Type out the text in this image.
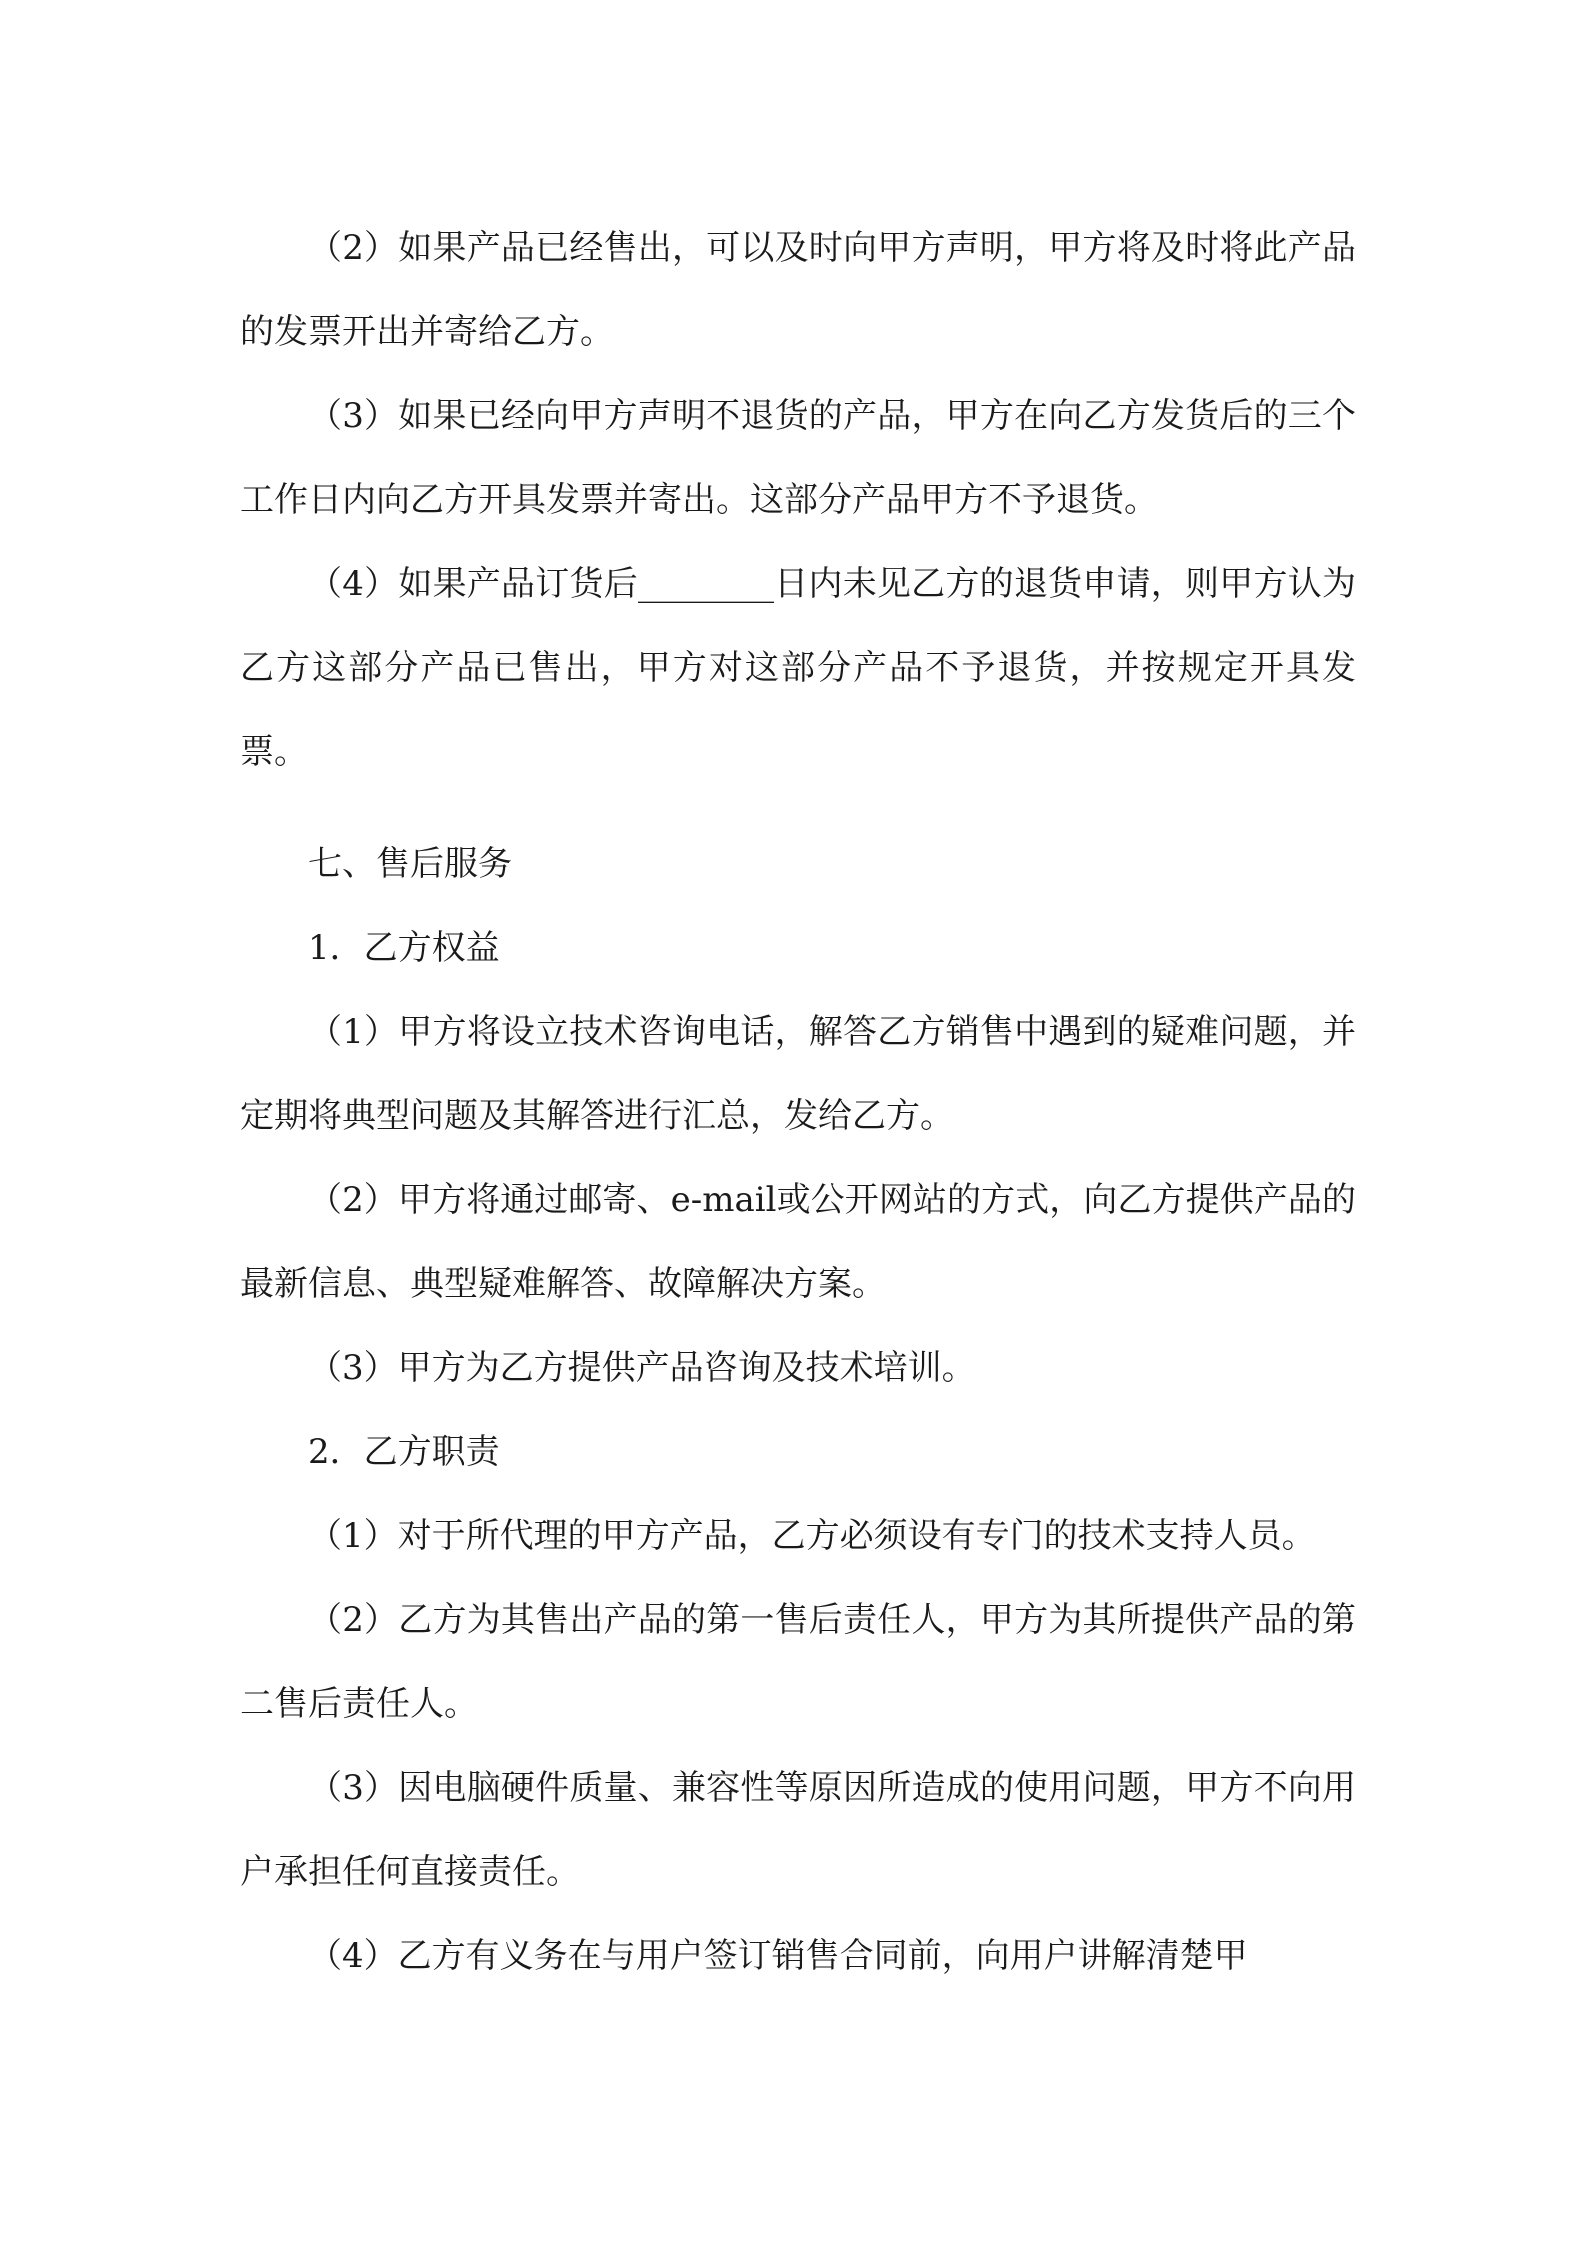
（2）如果产品已经售出，可以及时向甲方声明，甲方将及时将此产品的发票开出并寄给乙方。

（3）如果已经向甲方声明不退货的产品，甲方在向乙方发货后的三个工作日内向乙方开具发票并寄出。这部分产品甲方不予退货。

（4）如果产品订货后________日内未见乙方的退货申请，则甲方认为乙方这部分产品已售出，甲方对这部分产品不予退货，并按规定开具发票。

七、售后服务

1．乙方权益

（1）甲方将设立技术咨询电话，解答乙方销售中遇到的疑难问题，并定期将典型问题及其解答进行汇总，发给乙方。

（2）甲方将通过邮寄、e-mail或公开网站的方式，向乙方提供产品的最新信息、典型疑难解答、故障解决方案。

（3）甲方为乙方提供产品咨询及技术培训。

2．乙方职责

（1）对于所代理的甲方产品，乙方必须设有专门的技术支持人员。

（2）乙方为其售出产品的第一售后责任人，甲方为其所提供产品的第二售后责任人。

（3）因电脑硬件质量、兼容性等原因所造成的使用问题，甲方不向用户承担任何直接责任。

（4）乙方有义务在与用户签订销售合同前，向用户讲解清楚甲
